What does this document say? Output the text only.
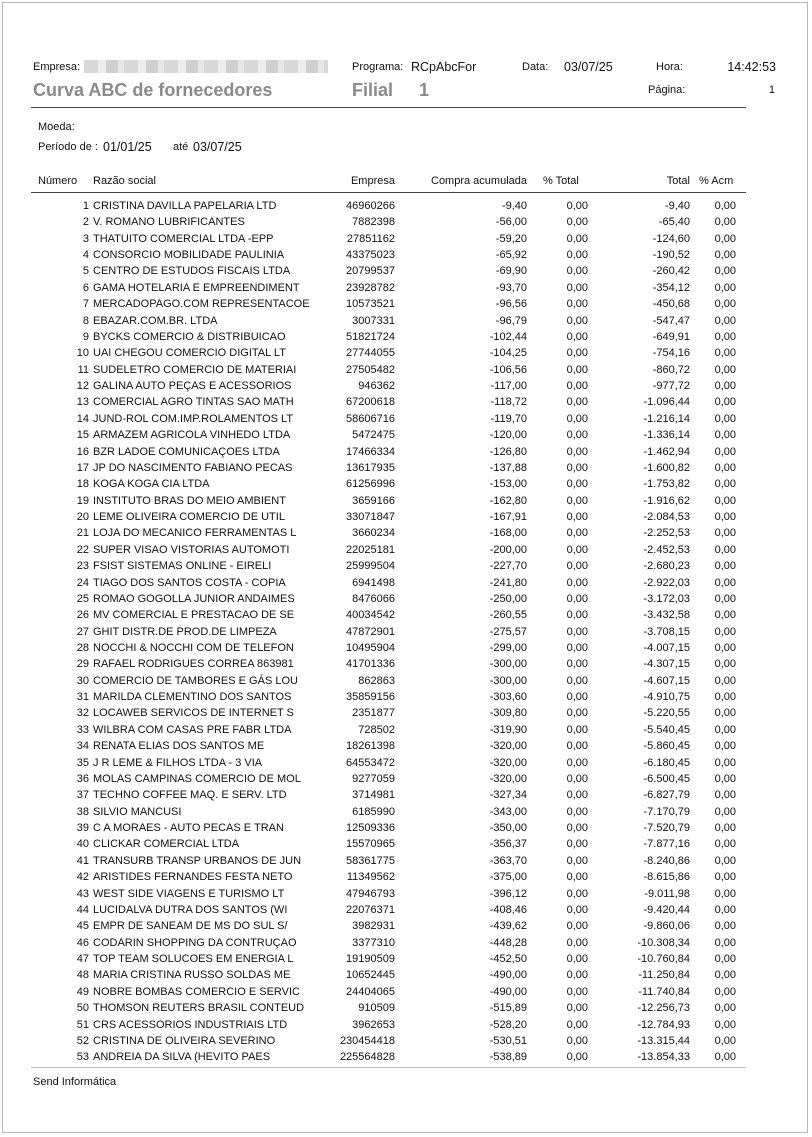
Empresa:	Programa: RCpAbcFor	Data: 03/07/25	Hora:	14:42:53
Curva ABC de fornecedores	Filial 1	Página:	1
Moeda:
Período de : 01/01/25 até 03/07/25
Número Razão social	Empresa	Compra acumulada % Total	Total % Acm
1 CRISTINA DAVILLA PAPELARIA LTD	46960266	-9,40	0,00	-9,40 0,00
2 V. ROMANO LUBRIFICANTES	7882398	-56,00	0,00	-65,40 0,00
3 THATUITO COMERCIAL LTDA -EPP	27851162	-59,20	0,00	-124,60 0,00
4 CONSORCIO MOBILIDADE PAULINIA	43375023	-65,92	0,00	-190,52 0,00
5 CENTRO DE ESTUDOS FISCAIS LTDA	20799537	-69,90	0,00	-260,42 0,00
6 GAMA HOTELARIA E EMPREENDIMENT	23928782	-93,70	0,00	-354,12 0,00
7 MERCADOPAGO.COM REPRESENTACOE	10573521	-96,56	0,00	-450,68 0,00
8 EBAZAR.COM.BR. LTDA	3007331	-96,79	0,00	-547,47 0,00
9 BYCKS COMERCIO & DISTRIBUICAO	51821724	-102,44	0,00	-649,91 0,00
10 UAI CHEGOU COMERCIO DIGITAL LT	27744055	-104,25	0,00	-754,16 0,00
11 SUDELETRO COMERCIO DE MATERIAI	27505482	-106,56	0,00	-860,72 0,00
12 GALINA AUTO PEÇAS E ACESSORIOS	946362	-117,00	0,00	-977,72 0,00
13 COMERCIAL AGRO TINTAS SAO MATH	67200618	-118,72	0,00	-1.096,44 0,00
14 JUND-ROL COM.IMP.ROLAMENTOS LT	58606716	-119,70	0,00	-1.216,14 0,00
15 ARMAZEM AGRICOLA VINHEDO LTDA	5472475	-120,00	0,00	-1.336,14 0,00
16 BZR LADOE COMUNICAÇOES LTDA	17466334	-126,80	0,00	-1.462,94 0,00
17 JP DO NASCIMENTO FABIANO PECAS	13617935	-137,88	0,00	-1.600,82 0,00
18 KOGA KOGA CIA LTDA	61256996	-153,00	0,00	-1.753,82 0,00
19 INSTITUTO BRAS DO MEIO AMBIENT	3659166	-162,80	0,00	-1.916,62 0,00
20 LEME OLIVEIRA COMERCIO DE UTIL	33071847	-167,91	0,00	-2.084,53 0,00
21 LOJA DO MECANICO FERRAMENTAS L	3660234	-168,00	0,00	-2.252,53 0,00
22 SUPER VISAO VISTORIAS AUTOMOTI	22025181	-200,00	0,00	-2.452,53 0,00
23 FSIST SISTEMAS ONLINE - EIRELI	25999504	-227,70	0,00	-2.680,23 0,00
24 TIAGO DOS SANTOS COSTA - COPIA	6941498	-241,80	0,00	-2.922,03 0,00
25 ROMAO GOGOLLA JUNIOR ANDAIMES	8476066	-250,00	0,00	-3.172,03 0,00
26 MV COMERCIAL E PRESTACAO DE SE	40034542	-260,55	0,00	-3.432,58 0,00
27 GHIT DISTR.DE PROD.DE LIMPEZA	47872901	-275,57	0,00	-3.708,15 0,00
28 NOCCHI & NOCCHI COM DE TELEFON	10495904	-299,00	0,00	-4.007,15 0,00
29 RAFAEL RODRIGUES CORREA 863981	41701336	-300,00	0,00	-4.307,15 0,00
30 COMERCIO DE TAMBORES E GÁS LOU	862863	-300,00	0,00	-4.607,15 0,00
31 MARILDA CLEMENTINO DOS SANTOS	35859156	-303,60	0,00	-4.910,75 0,00
32 LOCAWEB SERVICOS DE INTERNET S	2351877	-309,80	0,00	-5.220,55 0,00
33 WILBRA COM CASAS PRE FABR LTDA	728502	-319,90	0,00	-5.540,45 0,00
34 RENATA ELIAS DOS SANTOS ME	18261398	-320,00	0,00	-5.860,45 0,00
35 J R LEME & FILHOS LTDA - 3 VIA	64553472	-320,00	0,00	-6.180,45 0,00
36 MOLAS CAMPINAS COMERCIO DE MOL	9277059	-320,00	0,00	-6.500,45 0,00
37 TECHNO COFFEE MAQ. E SERV. LTD	3714981	-327,34	0,00	-6.827,79 0,00
38 SILVIO MANCUSI	6185990	-343,00	0,00	-7.170,79 0,00
39 C A MORAES - AUTO PECAS E TRAN	12509336	-350,00	0,00	-7.520,79 0,00
40 CLICKAR COMERCIAL LTDA	15570965	-356,37	0,00	-7.877,16 0,00
41 TRANSURB TRANSP URBANOS DE JUN	58361775	-363,70	0,00	-8.240,86 0,00
42 ARISTIDES FERNANDES FESTA NETO	11349562	-375,00	0,00	-8.615,86 0,00
43 WEST SIDE VIAGENS E TURISMO LT	47946793	-396,12	0,00	-9.011,98 0,00
44 LUCIDALVA DUTRA DOS SANTOS (WI	22076371	-408,46	0,00	-9.420,44 0,00
45 EMPR DE SANEAM DE MS DO SUL S/	3982931	-439,62	0,00	-9.860,06 0,00
46 CODARIN SHOPPING DA CONTRUÇAO	3377310	-448,28	0,00	-10.308,34 0,00
47 TOP TEAM SOLUCOES EM ENERGIA L	19190509	-452,50	0,00	-10.760,84 0,00
48 MARIA CRISTINA RUSSO SOLDAS ME	10652445	-490,00	0,00	-11.250,84 0,00
49 NOBRE BOMBAS COMERCIO E SERVIC	24404065	-490,00	0,00	-11.740,84 0,00
50 THOMSON REUTERS BRASIL CONTEUD	910509	-515,89	0,00	-12.256,73 0,00
51 CRS ACESSORIOS INDUSTRIAIS LTD	3962653	-528,20	0,00	-12.784,93 0,00
52 CRISTINA DE OLIVEIRA SEVERINO	230454418	-530,51	0,00	-13.315,44 0,00
53 ANDREIA DA SILVA (HEVITO PAES	225564828	-538,89	0,00	-13.854,33 0,00
Send Informática
